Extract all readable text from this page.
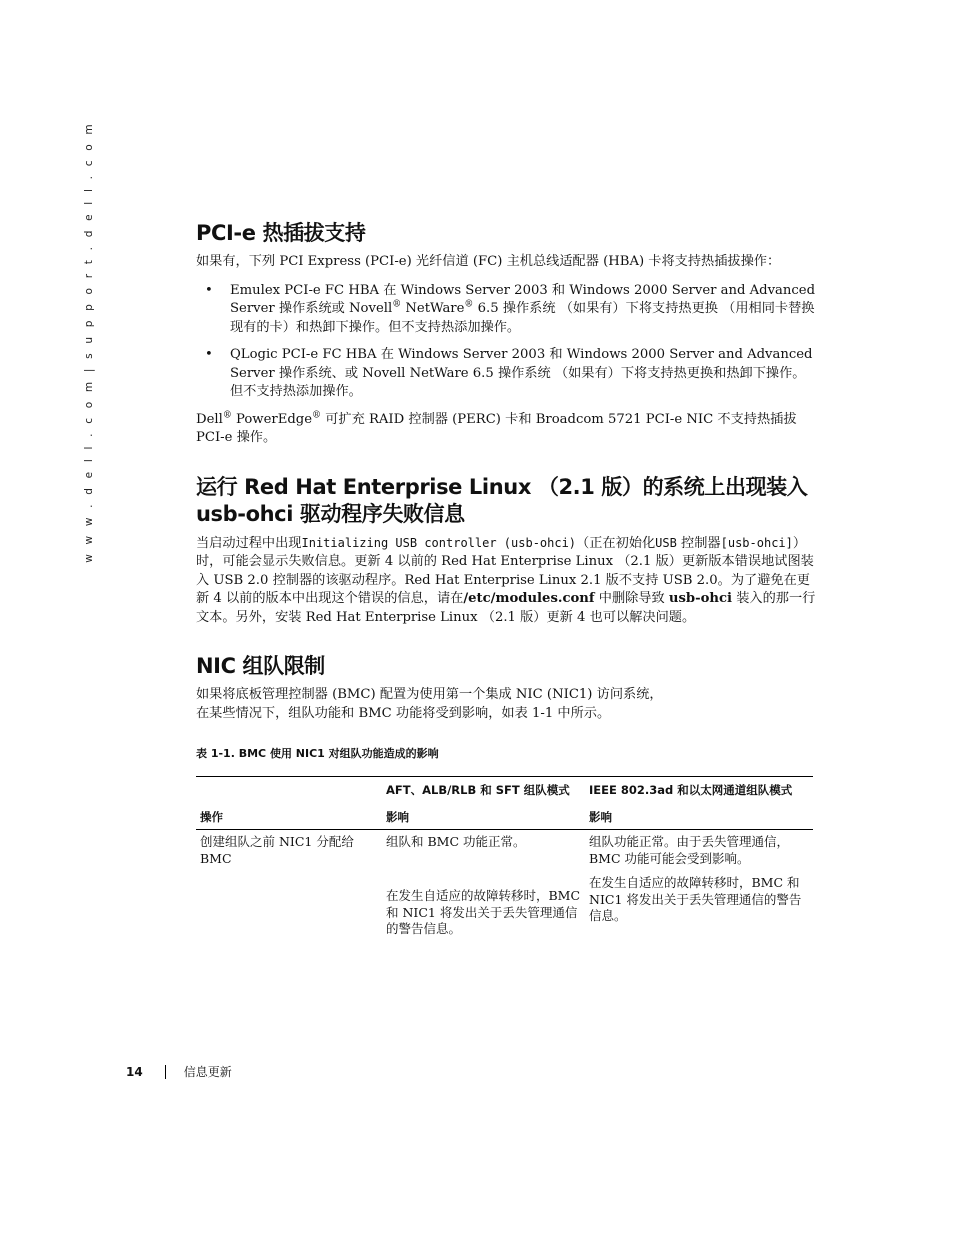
w w w . d e l l . c o m | s u p p o r t . d e l l . c o m	PCI-e 热插拔支持

如果有，下列 PCI Express (PCI-e) 光纤信道 (FC) 主机总线适配器 (HBA) 卡将支持热插拔操作：

• Emulex PCI-e FC HBA 在 Windows Server 2003 和 Windows 2000 Server and Advanced Server 操作系统或 Novell® NetWare® 6.5 操作系统 （如果有）下将支持热更换 （用相同卡替换现有的卡）和热卸下操作。但不支持热添加操作。
• QLogic PCI-e FC HBA 在 Windows Server 2003 和 Windows 2000 Server and Advanced Server 操作系统、或 Novell NetWare 6.5 操作系统 （如果有）下将支持热更换和热卸下操作。但不支持热添加操作。

Dell® PowerEdge® 可扩充 RAID 控制器 (PERC) 卡和 Broadcom 5721 PCI-e NIC 不支持热插拔 PCI-e 操作。

运行 Red Hat Enterprise Linux （2.1 版）的系统上出现装入 usb-ohci 驱动程序失败信息

当启动过程中出现Initializing USB controller (usb-ohci)（正在初始化USB 控制器[usb-ohci]）时，可能会显示失败信息。更新 4 以前的 Red Hat Enterprise Linux （2.1 版）更新版本错误地试图装入 USB 2.0 控制器的该驱动程序。Red Hat Enterprise Linux 2.1 版不支持 USB 2.0。为了避免在更新 4 以前的版本中出现这个错误的信息，请在/etc/modules.conf 中删除导致 usb-ohci 装入的那一行文本。另外，安装 Red Hat Enterprise Linux （2.1 版）更新 4 也可以解决问题。

NIC 组队限制

如果将底板管理控制器 (BMC) 配置为使用第一个集成 NIC (NIC1) 访问系统，

在某些情况下，组队功能和 BMC 功能将受到影响，如表 1-1 中所示。

表 1-1. BMC 使用 NIC1 对组队功能造成的影响
	AFT、ALB/RLB 和 SFT 组队模式	IEEE 802.3ad 和以太网通道组队模式
操作	影响	影响
创建组队之前 NIC1 分配给 BMC	组队和 BMC 功能正常。	组队功能正常。由于丢失管理通信，BMC 功能可能会受到影响。
	在发生自适应的故障转移时，BMC 和 NIC1 将发出关于丢失管理通信的警告信息。	在发生自适应的故障转移时，BMC 和 NIC1 将发出关于丢失管理通信的警告信息。
14	信息更新
